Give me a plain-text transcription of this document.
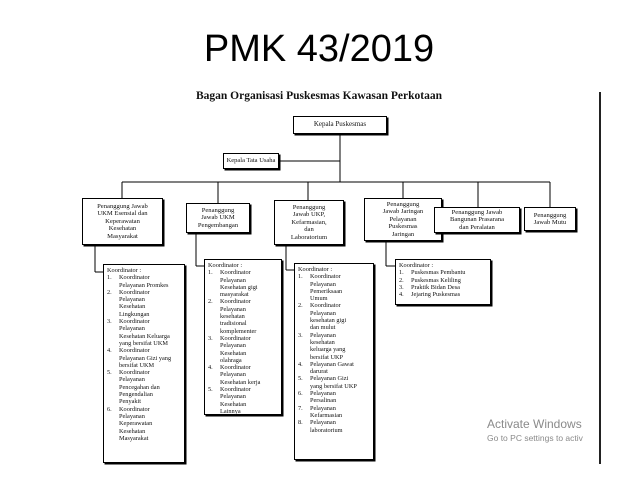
PMK 43/2019
Bagan Organisasi Puskesmas Kawasan Perkotaan
Kepala Puskesmas
Kepala Tata Usaha
Penanggung Jawab
UKM Esensial dan
Keperawatan
Kesehatan
Masyarakat
Penanggung
Jawab UKM
Pengembangan
Penanggung
Jawab UKP,
Kefarmasian,
dan
Laboratorium
Penanggung
Jawab Jaringan
Pelayanan
Puskesmas
Jaringan
Penanggung Jawab
Bangunan Prasarana
dan Peralatan
Penanggung
Jawab Mutu
Koordinator :
1.	Koordinator
Pelayanan Promkes
2.	Koordinator
Pelayanan
Kesehatan
Lingkungan
3.	Koordinator
Pelayanan
Kesehatan Keluarga
yang bersifat UKM
4.	Koordinator
Pelayanan Gizi yang
bersifat UKM
5.	Koordinator
Pelayanan
Pencegahan dan
Pengendalian
Penyakit
6.	Koordinator
Pelayanan
Keperawatan
Kesehatan
Masyarakat
Koordinator :
1.	Koordinator
Pelayanan
Kesehatan gigi
masyarakat
2.	Koordinator
Pelayanan
kesehatan
tradisional
komplementer
3.	Koordinator
Pelayanan
Kesehatan
olahraga
4.	Koordinator
Pelayanan
Kesehatan kerja
5.	Koordinator
Pelayanan
Kesehatan
Lainnya
Koordinator :
1.	Koordinator
Pelayanan
Pemeriksaan
Umum
2.	Koordinator
Pelayanan
kesehatan gigi
dan mulut
3.	Pelayanan
kesehatan
keluarga yang
bersifat UKP
4.	Pelayanan Gawat
darurat
5.	Pelayanan Gizi
yang bersifat UKP
6.	Pelayanan
Persalinan
7.	Pelayanan
Kefarmasian
8.	Pelayanan
laboratorium
Koordinator :
1.	Puskesmas Pembantu
2.	Puskesmas Keliling
3.	Praktik Bidan Desa
4.	Jejaring Puskesmas
Activate Windows
Go to PC settings to activ
